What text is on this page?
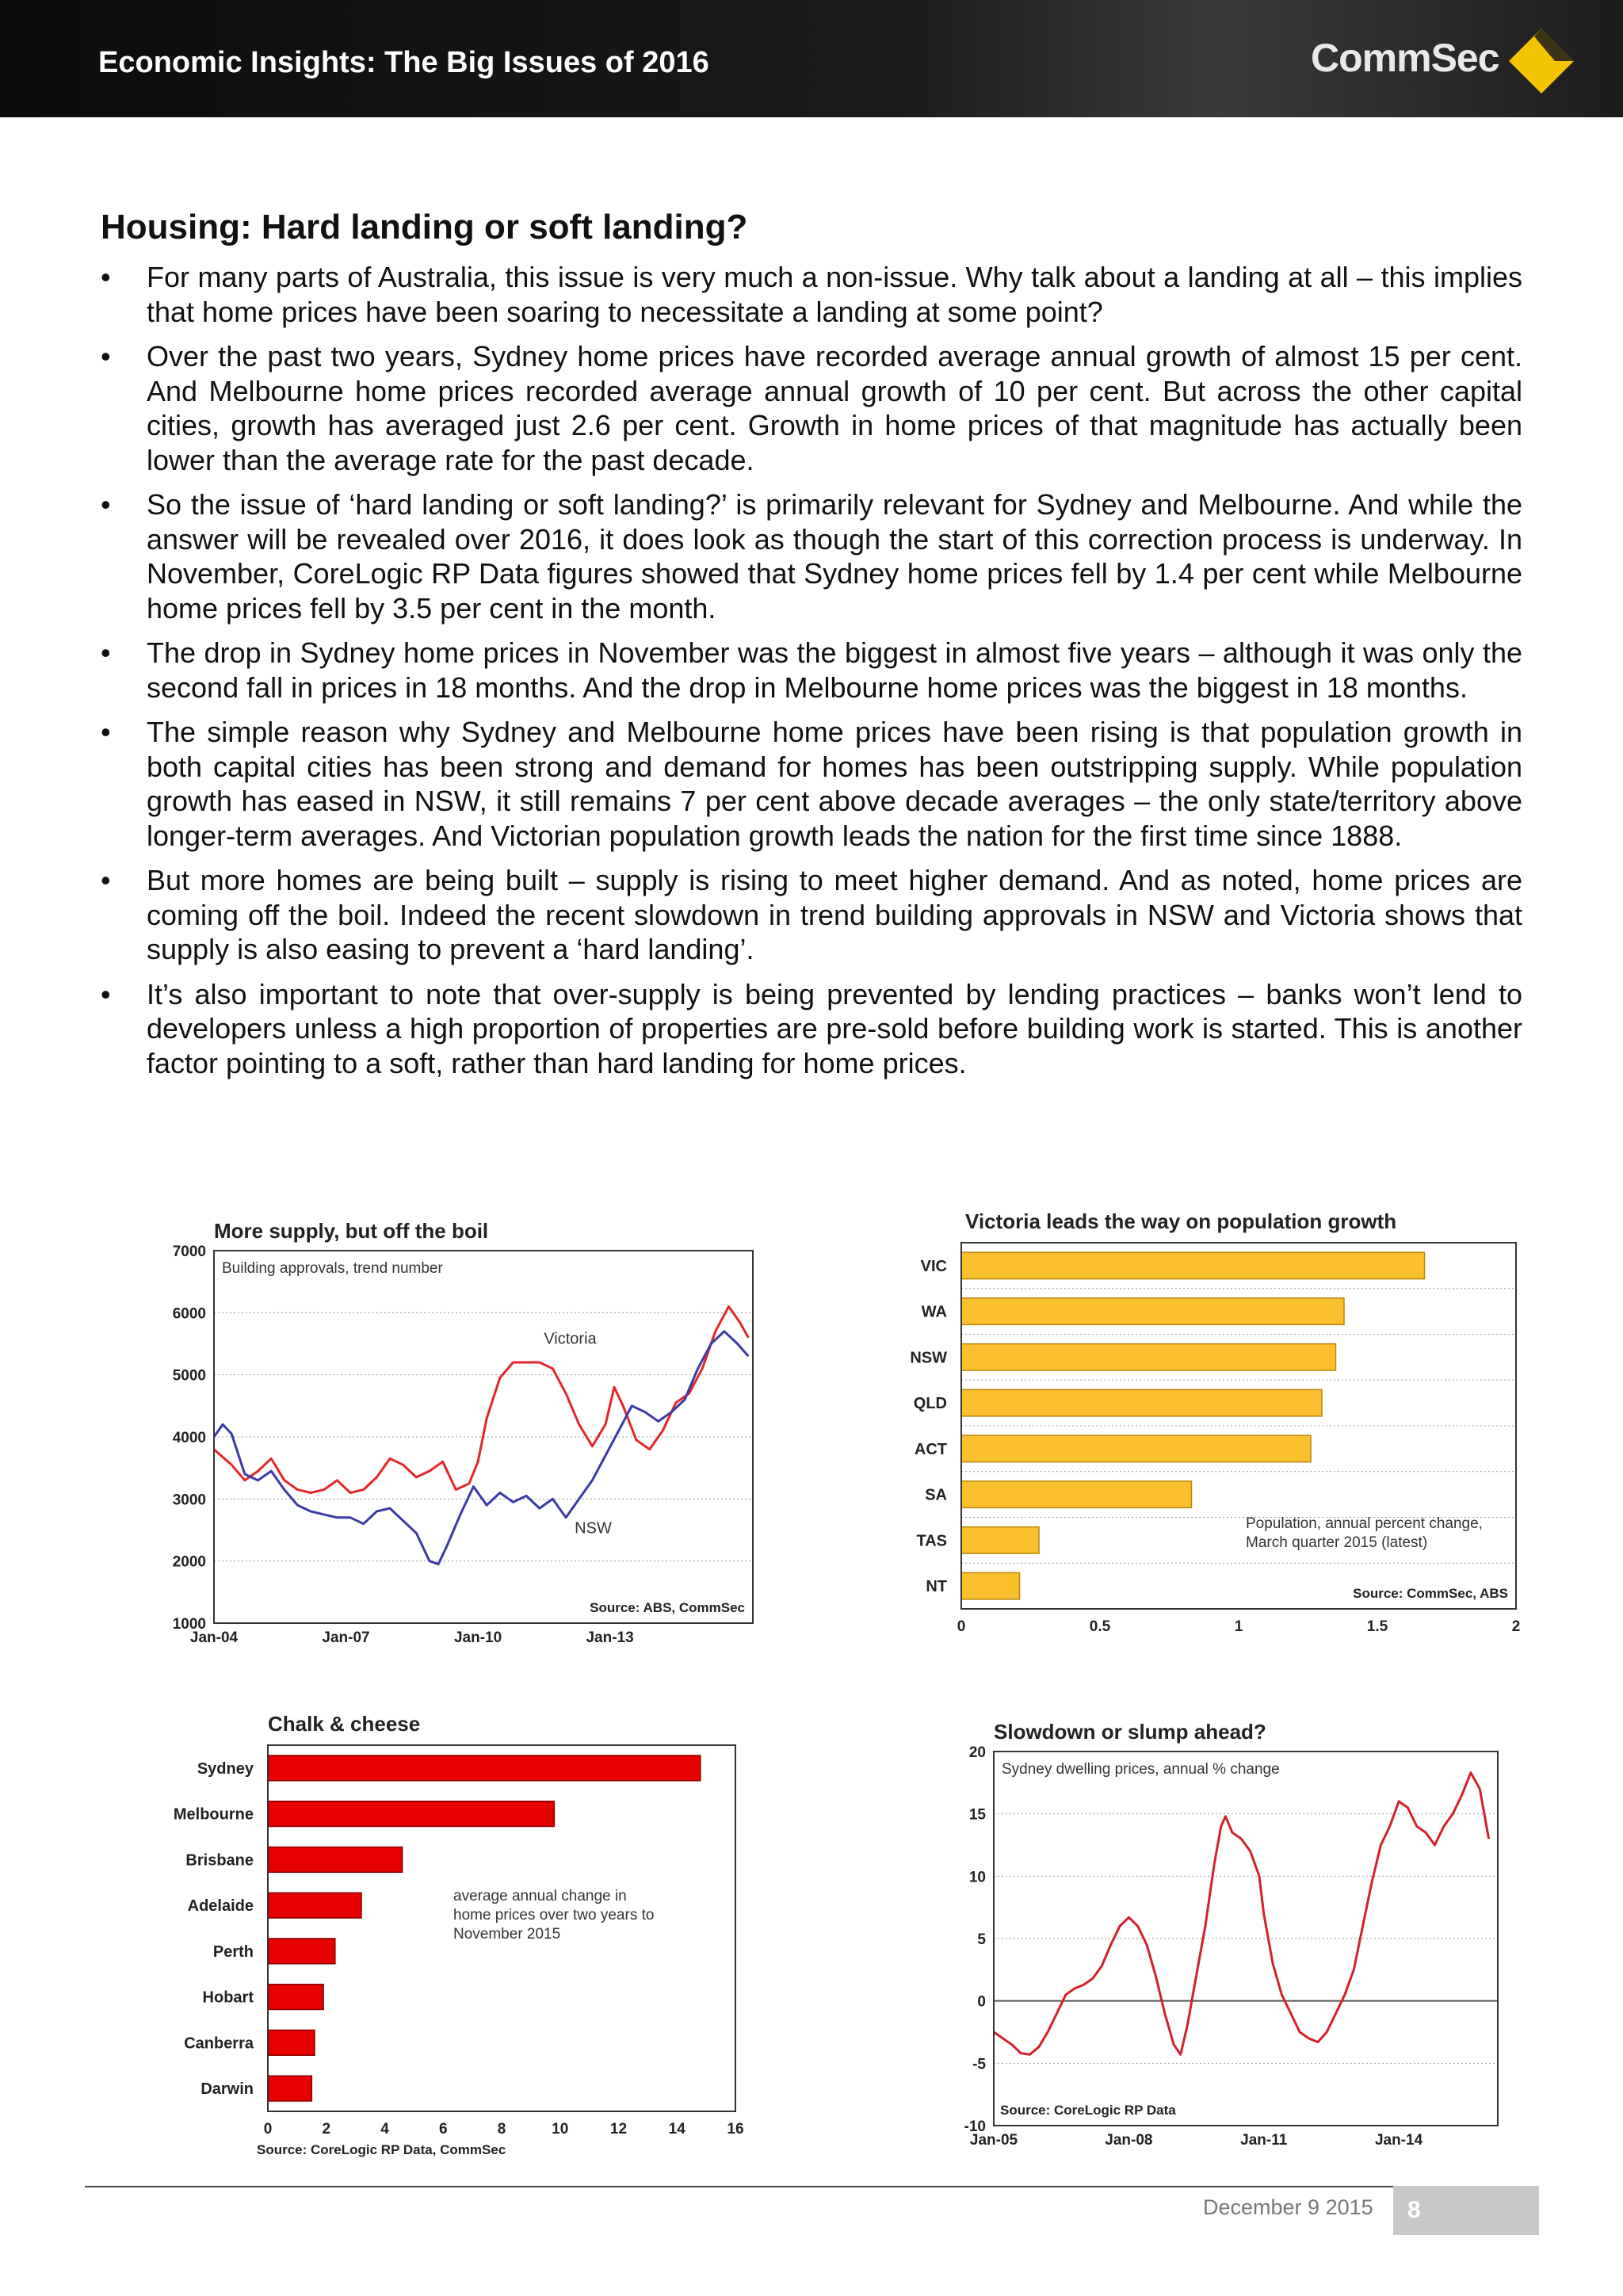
Economic Insights: The Big Issues of 2016	CommSec
Housing: Hard landing or soft landing?
• For many parts of Australia, this issue is very much a non-issue. Why talk about a landing at all – this implies that home prices have been soaring to necessitate a landing at some point?
• Over the past two years, Sydney home prices have recorded average annual growth of almost 15 per cent. And Melbourne home prices recorded average annual growth of 10 per cent. But across the other capital cities, growth has averaged just 2.6 per cent. Growth in home prices of that magnitude has actually been lower than the average rate for the past decade.
• So the issue of ‘hard landing or soft landing?’ is primarily relevant for Sydney and Melbourne. And while the answer will be revealed over 2016, it does look as though the start of this correction process is underway. In November, CoreLogic RP Data figures showed that Sydney home prices fell by 1.4 per cent while Melbourne home prices fell by 3.5 per cent in the month.
• The drop in Sydney home prices in November was the biggest in almost five years – although it was only the second fall in prices in 18 months. And the drop in Melbourne home prices was the biggest in 18 months.
• The simple reason why Sydney and Melbourne home prices have been rising is that population growth in both capital cities has been strong and demand for homes has been outstripping supply. While population growth has eased in NSW, it still remains 7 per cent above decade averages – the only state/territory above longer-term averages. And Victorian population growth leads the nation for the first time since 1888.
• But more homes are being built – supply is rising to meet higher demand. And as noted, home prices are coming off the boil. Indeed the recent slowdown in trend building approvals in NSW and Victoria shows that supply is also easing to prevent a ‘hard landing’.
• It’s also important to note that over-supply is being prevented by lending practices – banks won’t lend to developers unless a high proportion of properties are pre-sold before building work is started. This is another factor pointing to a soft, rather than hard landing for home prices.
More supply, but off the boil
1000
2000
3000
4000
5000
6000
7000
Jan-04	Jan-07	Jan-10	Jan-13
Building approvals, trend number
Victoria
NSW
Source: ABS, CommSec
Victoria leads the way on population growth
VIC
WA
NSW
QLD
ACT
SA
TAS
NT
0	0.5	1	1.5	2
Population, annual percent change,
March quarter 2015 (latest)
Source: CommSec, ABS
Chalk & cheese
Sydney
Melbourne
Brisbane
Adelaide
Perth
Hobart
Canberra
Darwin
0	2	4	6	8	10	12	14	16
average annual change in
home prices over two years to
November 2015
Source: CoreLogic RP Data, CommSec
Slowdown or slump ahead?
-10
-5
0
5
10
15
20
Jan-05	Jan-08	Jan-11	Jan-14
Sydney dwelling prices, annual % change
Source: CoreLogic RP Data
December 9 2015 8
